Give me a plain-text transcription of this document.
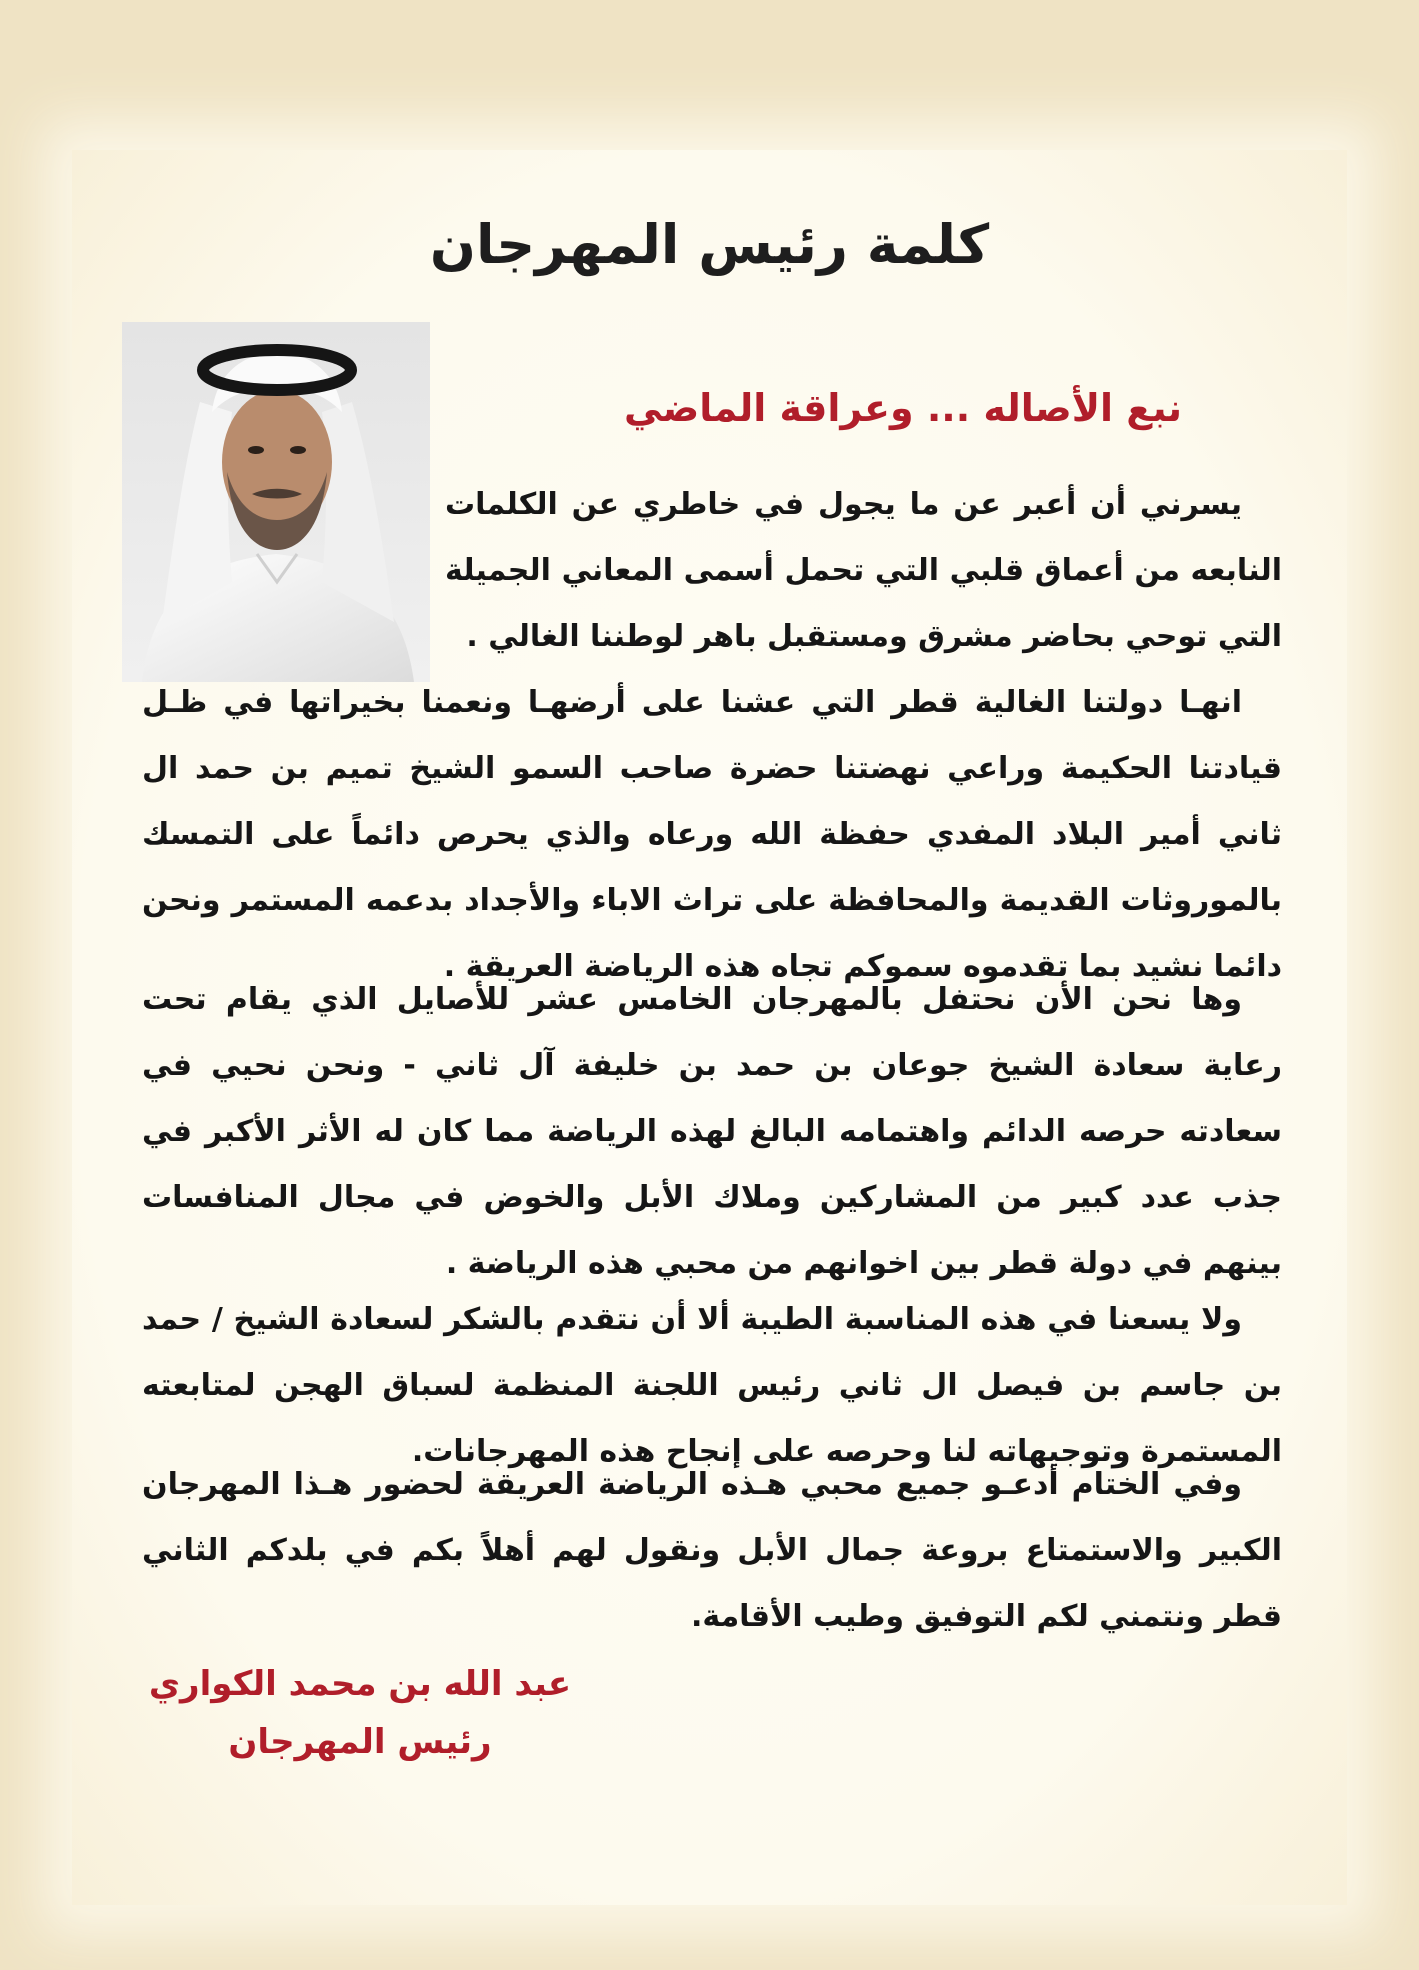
كلمة رئيس المهرجان
نبع الأصاله ... وعراقة الماضي

يسرني أن أعبر عن ما يجول في خاطري عن الكلمات النابعه من أعماق قلبي التي تحمل أسمى المعاني الجميلة التي توحي بحاضر مشرق ومستقبل باهر لوطننا الغالي .

انهـا دولتنا الغالية قطر التي عشنا على أرضهـا ونعمنا بخيراتها في ظـل قيادتنا الحكيمة وراعي نهضتنا حضرة صاحب السمو الشيخ تميم بن حمد ال ثاني أمير البلاد المفدي حفظة الله ورعاه والذي يحرص دائماً على التمسك بالموروثات القديمة والمحافظة على تراث الاباء والأجداد بدعمه المستمر ونحن دائما نشيد بما تقدموه سموكم تجاه هذه الرياضة العريقة .

وها نحن الأن نحتفل بالمهرجان الخامس عشر للأصايل الذي يقام تحت رعاية سعادة الشيخ جوعان بن حمد بن خليفة آل ثاني - ونحن نحيي في سعادته حرصه الدائم واهتمامه البالغ لهذه الرياضة مما كان له الأثر الأكبر في جذب عدد كبير من المشاركين وملاك الأبل والخوض في مجال المنافسات بينهم في دولة قطر بين اخوانهم من محبي هذه الرياضة .

ولا يسعنا في هذه المناسبة الطيبة ألا أن نتقدم بالشكر لسعادة الشيخ / حمد بن جاسم بن فيصل ال ثاني رئيس اللجنة المنظمة لسباق الهجن لمتابعته المستمرة وتوجيهاته لنا وحرصه على إنجاح هذه المهرجانات.

وفي الختام أدعـو جميع محبي هـذه الرياضة العريقة لحضور هـذا المهرجان الكبير والاستمتاع بروعة جمال الأبل ونقول لهم أهلاً بكم في بلدكم الثاني قطر ونتمني لكم التوفيق وطيب الأقامة.

عبد الله بن محمد الكواري
رئيس المهرجان
